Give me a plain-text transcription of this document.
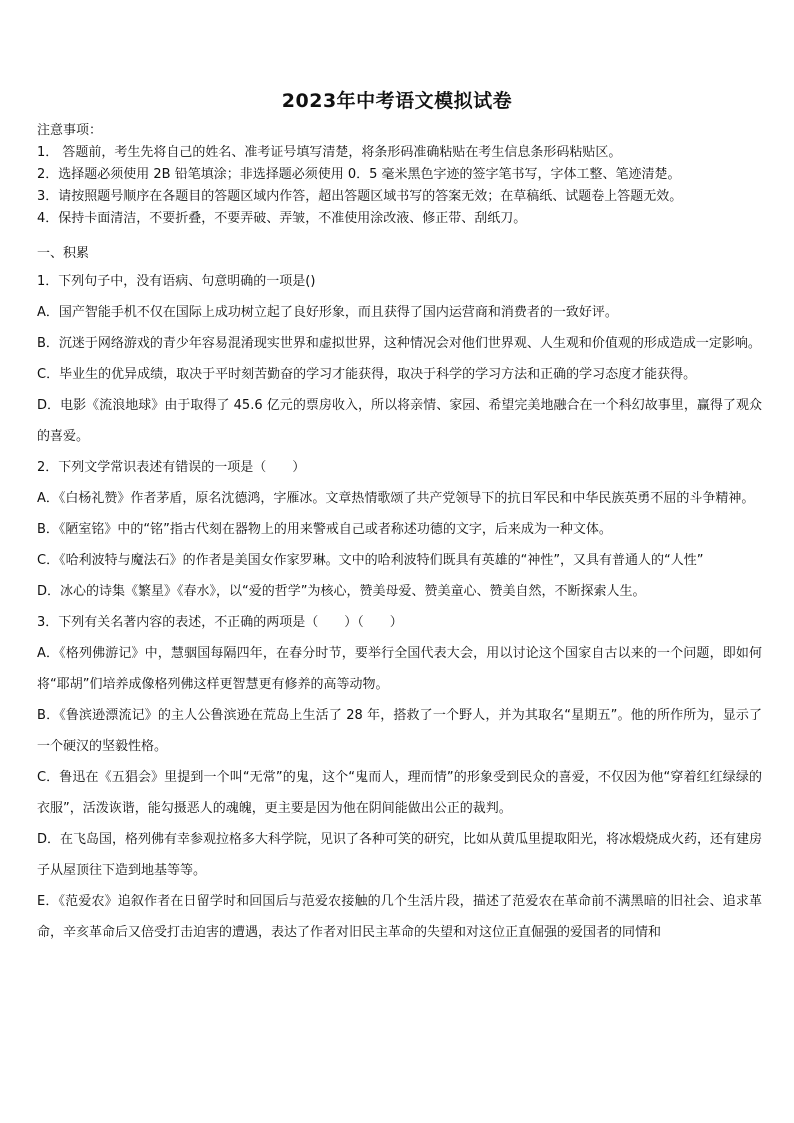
2023年中考语文模拟试卷
注意事项：
1． 答题前，考生先将自己的姓名、准考证号填写清楚，将条形码准确粘贴在考生信息条形码粘贴区。
2．选择题必须使用 2B 铅笔填涂；非选择题必须使用 0．5 毫米黑色字迹的签字笔书写，字体工整、笔迹清楚。
3．请按照题号顺序在各题目的答题区域内作答，超出答题区域书写的答案无效；在草稿纸、试题卷上答题无效。
4．保持卡面清洁，不要折叠，不要弄破、弄皱，不准使用涂改液、修正带、刮纸刀。
一、积累

1．下列句子中，没有语病、句意明确的一项是()

A．国产智能手机不仅在国际上成功树立起了良好形象，而且获得了国内运营商和消费者的一致好评。

B．沉迷于网络游戏的青少年容易混淆现实世界和虚拟世界，这种情况会对他们世界观、人生观和价值观的形成造成一定影响。

C．毕业生的优异成绩，取决于平时刻苦勤奋的学习才能获得，取决于科学的学习方法和正确的学习态度才能获得。

D．电影《流浪地球》由于取得了 45.6 亿元的票房收入，所以将亲情、家园、希望完美地融合在一个科幻故事里，赢得了观众的喜爱。

2．下列文学常识表述有错误的一项是（　　）

A．《白杨礼赞》作者茅盾，原名沈德鸿，字雁冰。文章热情歌颂了共产党领导下的抗日军民和中华民族英勇不屈的斗争精神。

B．《陋室铭》中的“铭”指古代刻在器物上的用来警戒自己或者称述功德的文字，后来成为一种文体。

C．《哈利波特与魔法石》的作者是美国女作家罗琳。文中的哈利波特们既具有英雄的“神性”，又具有普通人的“人性”

D．冰心的诗集《繁星》《春水》，以“爱的哲学”为核心，赞美母爱、赞美童心、赞美自然，不断探索人生。

3．下列有关名著内容的表述，不正确的两项是（　　）（　　）

A．《格列佛游记》中，慧骃国每隔四年，在春分时节，要举行全国代表大会，用以讨论这个国家自古以来的一个问题，即如何将“耶胡”们培养成像格列佛这样更智慧更有修养的高等动物。

B．《鲁滨逊漂流记》的主人公鲁滨逊在荒岛上生活了 28 年，搭救了一个野人，并为其取名“星期五”。他的所作所为，显示了一个硬汉的坚毅性格。

C．鲁迅在《五猖会》里提到一个叫“无常”的鬼，这个“鬼而人，理而情”的形象受到民众的喜爱，不仅因为他“穿着红红绿绿的衣服”，活泼诙谐，能勾摄恶人的魂魄，更主要是因为他在阴间能做出公正的裁判。

D．在飞岛国，格列佛有幸参观拉格多大科学院，见识了各种可笑的研究，比如从黄瓜里提取阳光，将冰煅烧成火药，还有建房子从屋顶往下造到地基等等。

E．《范爱农》追叙作者在日留学时和回国后与范爱农接触的几个生活片段，描述了范爱农在革命前不满黑暗的旧社会、追求革命，辛亥革命后又倍受打击迫害的遭遇，表达了作者对旧民主革命的失望和对这位正直倔强的爱国者的同情和
